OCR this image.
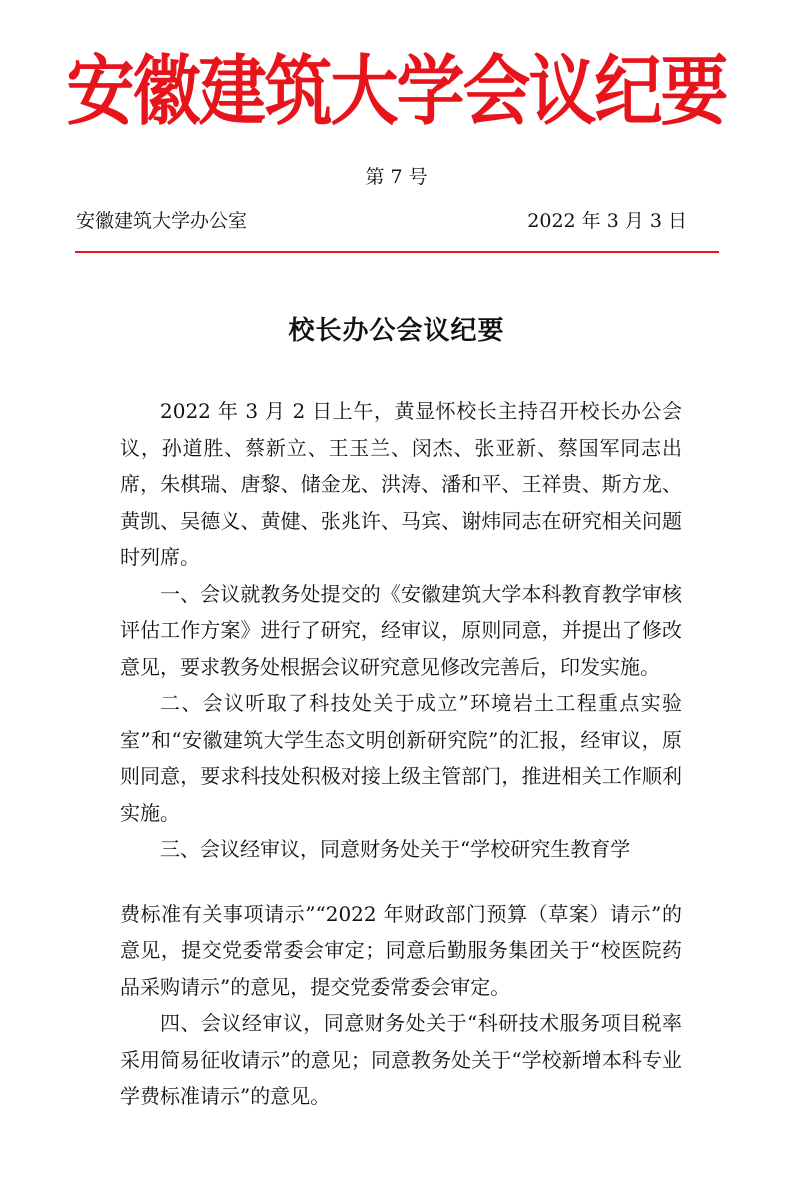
安徽建筑大学会议纪要
第 7 号
安徽建筑大学办公室	2022 年 3 月 3 日
校长办公会议纪要

2022 年 3 月 2 日上午，黄显怀校长主持召开校长办公会议，孙道胜、蔡新立、王玉兰、闵杰、张亚新、蔡国军同志出席，朱棋瑞、唐黎、储金龙、洪涛、潘和平、王祥贵、斯方龙、黄凯、吴德义、黄健、张兆许、马宾、谢炜同志在研究相关问题时列席。

一、会议就教务处提交的《安徽建筑大学本科教育教学审核评估工作方案》进行了研究，经审议，原则同意，并提出了修改意见，要求教务处根据会议研究意见修改完善后，印发实施。

二、会议听取了科技处关于成立”环境岩土工程重点实验室”和“安徽建筑大学生态文明创新研究院”的汇报，经审议，原则同意，要求科技处积极对接上级主管部门，推进相关工作顺利实施。

三、会议经审议，同意财务处关于“学校研究生教育学

费标准有关事项请示”“2022 年财政部门预算（草案）请示”的意见，提交党委常委会审定；同意后勤服务集团关于“校医院药品采购请示”的意见，提交党委常委会审定。

四、会议经审议，同意财务处关于“科研技术服务项目税率采用简易征收请示”的意见；同意教务处关于“学校新增本科专业学费标准请示”的意见。
